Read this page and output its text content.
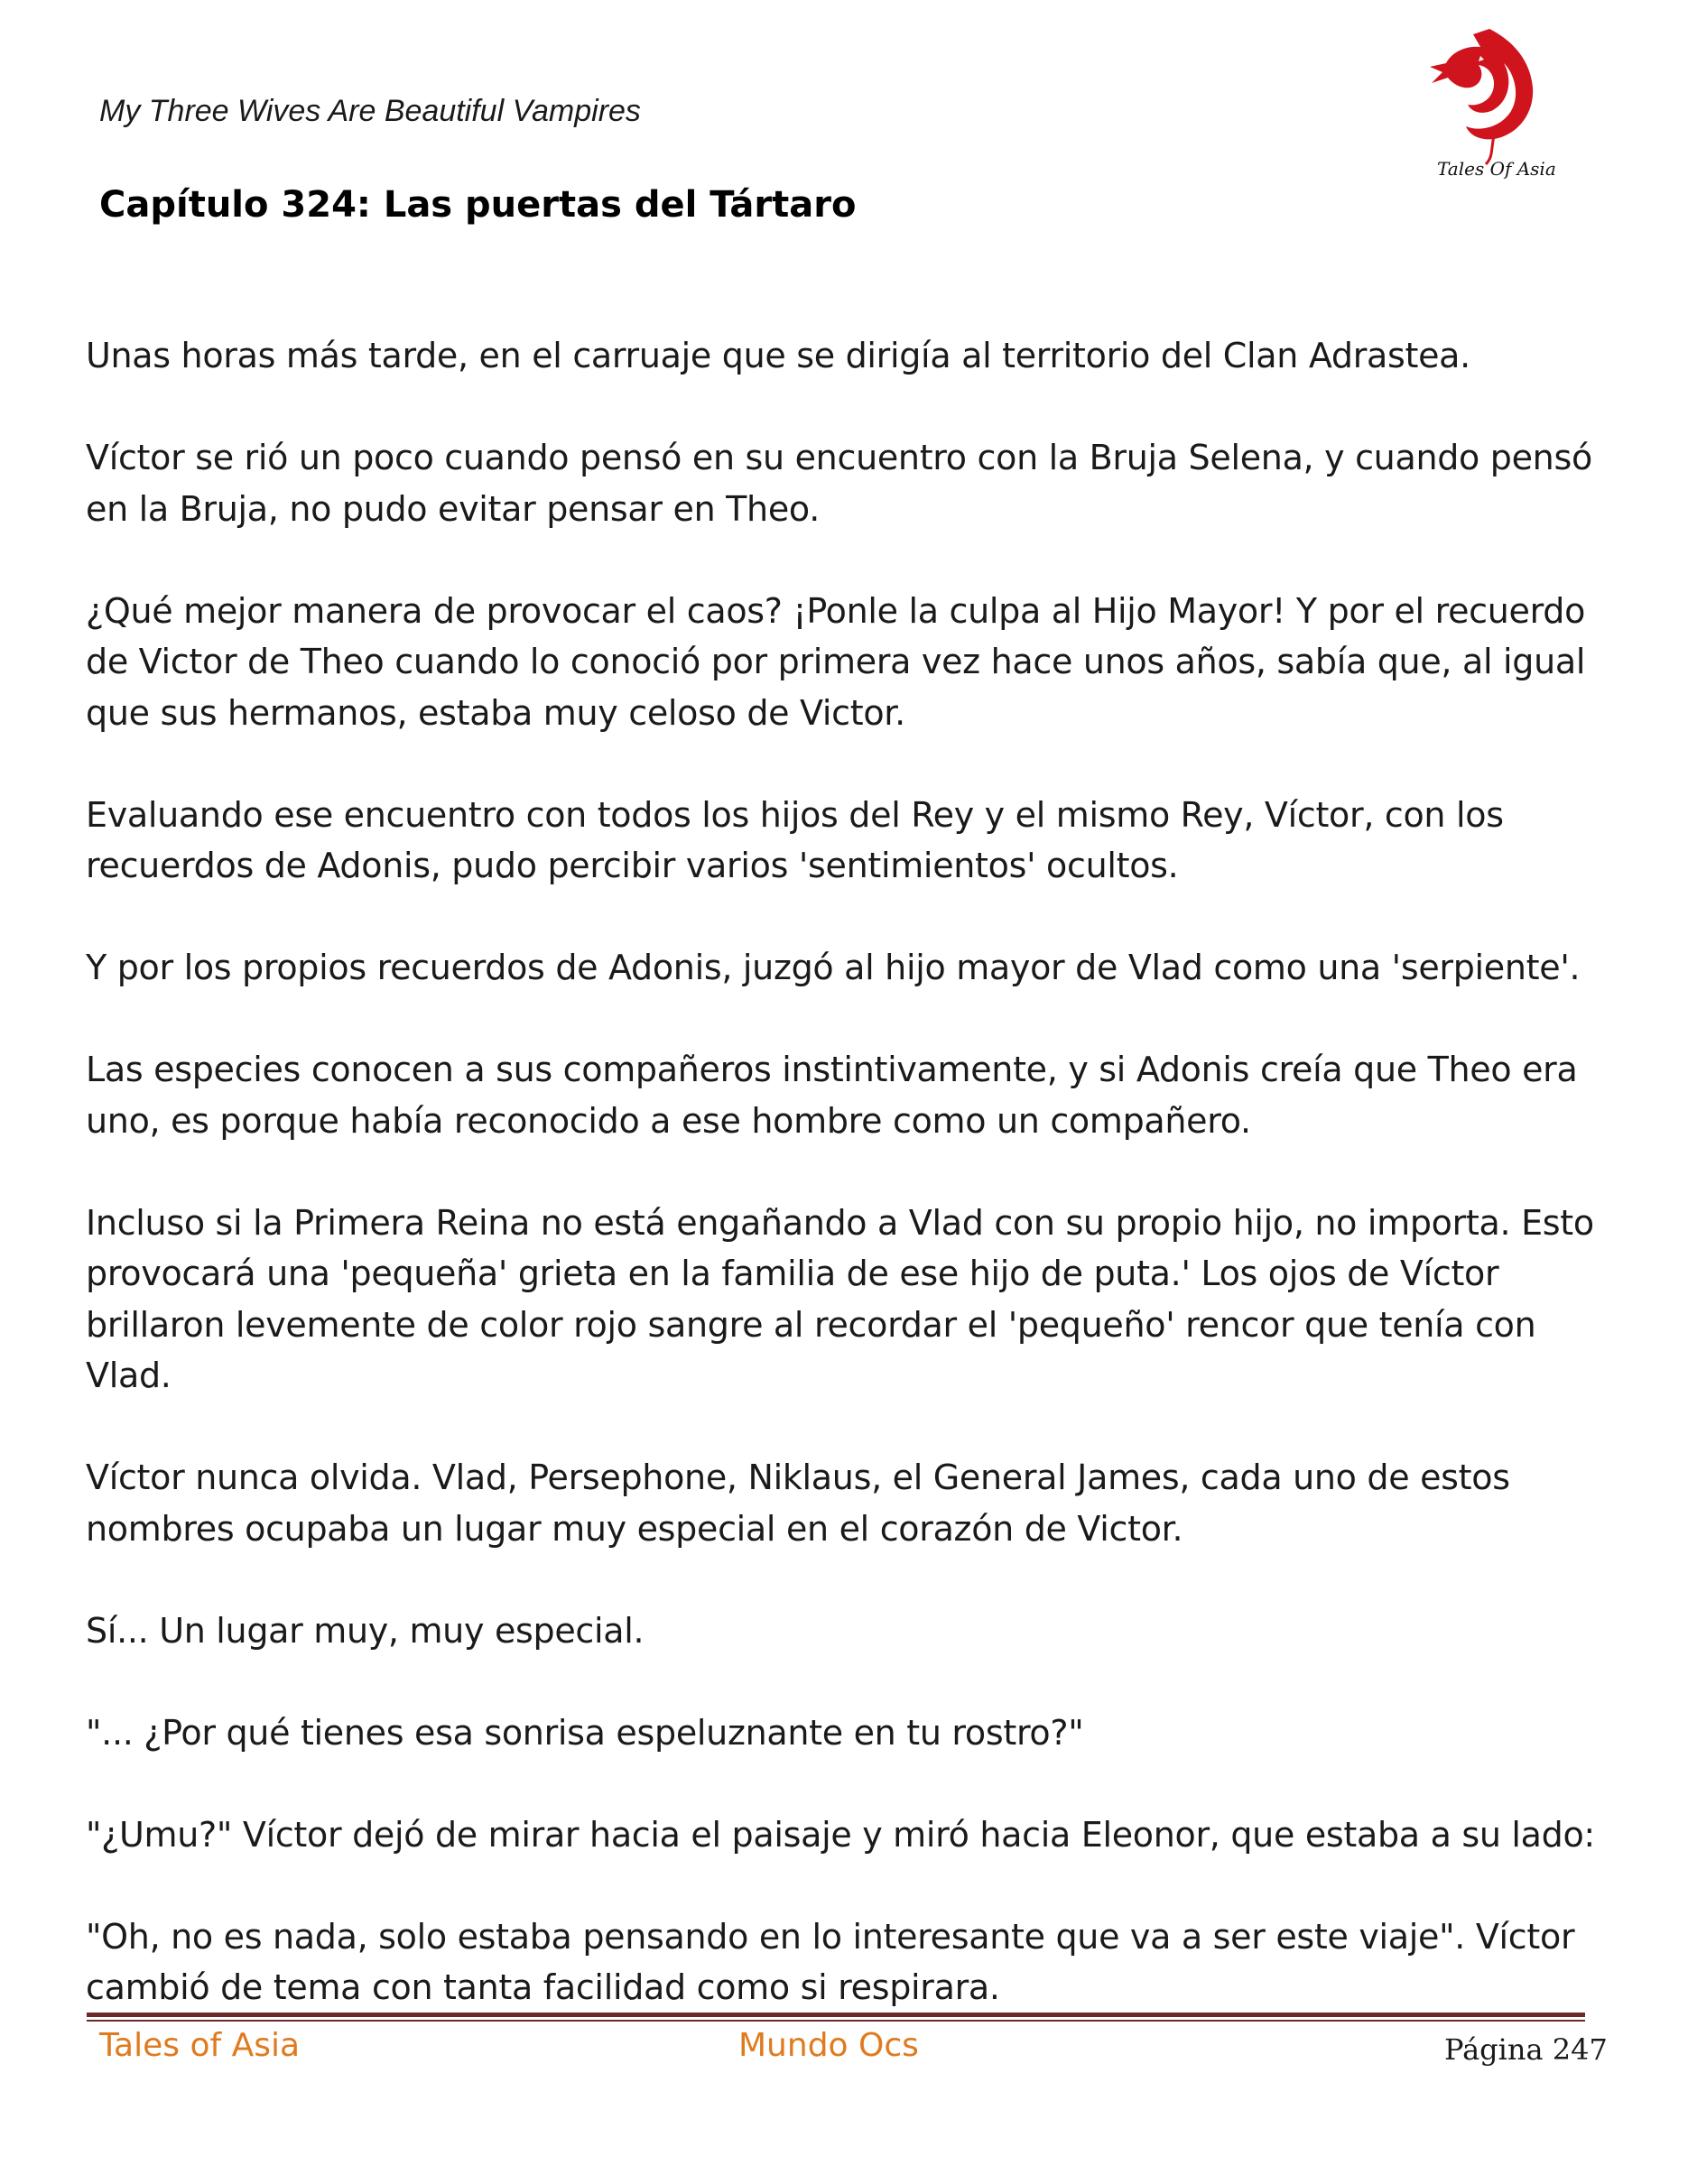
My Three Wives Are Beautiful Vampires
Capítulo 324: Las puertas del Tártaro
Tales Of Asia

Unas horas más tarde, en el carruaje que se dirigía al territorio del Clan Adrastea.

Víctor se rió un poco cuando pensó en su encuentro con la Bruja Selena, y cuando pensó
en la Bruja, no pudo evitar pensar en Theo.

¿Qué mejor manera de provocar el caos? ¡Ponle la culpa al Hijo Mayor! Y por el recuerdo
de Victor de Theo cuando lo conoció por primera vez hace unos años, sabía que, al igual
que sus hermanos, estaba muy celoso de Victor.

Evaluando ese encuentro con todos los hijos del Rey y el mismo Rey, Víctor, con los
recuerdos de Adonis, pudo percibir varios 'sentimientos' ocultos.

Y por los propios recuerdos de Adonis, juzgó al hijo mayor de Vlad como una 'serpiente'.

Las especies conocen a sus compañeros instintivamente, y si Adonis creía que Theo era
uno, es porque había reconocido a ese hombre como un compañero.

Incluso si la Primera Reina no está engañando a Vlad con su propio hijo, no importa. Esto
provocará una 'pequeña' grieta en la familia de ese hijo de puta.' Los ojos de Víctor
brillaron levemente de color rojo sangre al recordar el 'pequeño' rencor que tenía con
Vlad.

Víctor nunca olvida. Vlad, Persephone, Niklaus, el General James, cada uno de estos
nombres ocupaba un lugar muy especial en el corazón de Victor.

Sí... Un lugar muy, muy especial.

"... ¿Por qué tienes esa sonrisa espeluznante en tu rostro?"

"¿Umu?" Víctor dejó de mirar hacia el paisaje y miró hacia Eleonor, que estaba a su lado:

"Oh, no es nada, solo estaba pensando en lo interesante que va a ser este viaje". Víctor
cambió de tema con tanta facilidad como si respirara.

Tales of Asia	Mundo Ocs	Página 247
